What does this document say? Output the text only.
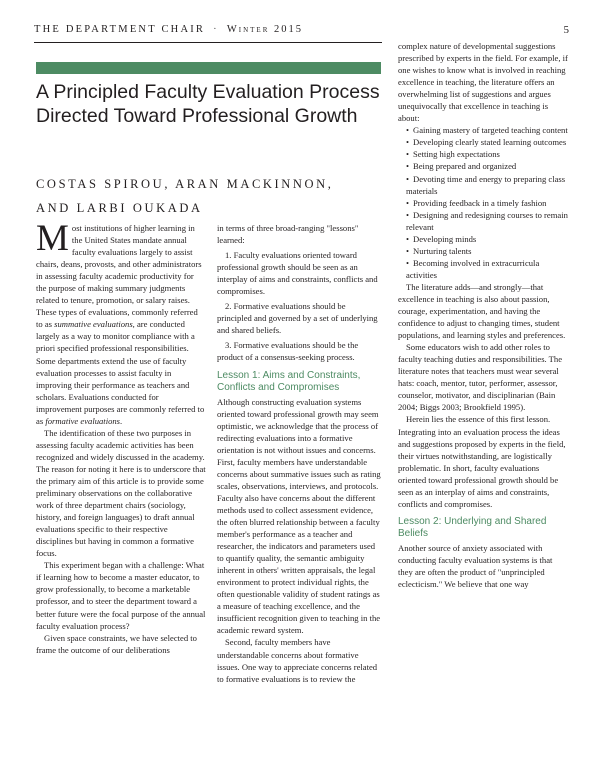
THE DEPARTMENT CHAIR · Winter 2015	5
A Principled Faculty Evaluation Process Directed Toward Professional Growth
COSTAS SPIROU, ARAN MACKINNON,
AND LARBI OUKADA

Most institutions of higher learning in the United States mandate annual faculty evaluations largely to assist chairs, deans, provosts, and other administrators in assessing faculty academic productivity for the purpose of making summary judgments related to tenure, promotion, or salary raises. These types of evaluations, commonly referred to as summative evaluations, are conducted largely as a way to monitor compliance with a priori specified professional responsibilities. Some departments extend the use of faculty evaluation processes to assist faculty in improving their performance as teachers and scholars. Evaluations conducted for improvement purposes are commonly referred to as formative evaluations.

The identification of these two purposes in assessing faculty academic activities has been recognized and widely discussed in the academy. The reason for noting it here is to underscore that the primary aim of this article is to provide some preliminary observations on the collaborative work of three department chairs (sociology, history, and foreign languages) to draft annual evaluations specific to their respective disciplines but having in common a formative focus.

This experiment began with a challenge: What if learning how to become a master educator, to grow professionally, to become a marketable professor, and to steer the department toward a better future were the focal purpose of the annual faculty evaluation process?

Given space constraints, we have selected to frame the outcome of our deliberations

in terms of three broad-ranging "lessons" learned:

1. Faculty evaluations oriented toward professional growth should be seen as an interplay of aims and constraints, conflicts and compromises.

2. Formative evaluations should be principled and governed by a set of underlying and shared beliefs.

3. Formative evaluations should be the product of a consensus-seeking process.

Lesson 1: Aims and Constraints, Conflicts and Compromises

Although constructing evaluation systems oriented toward professional growth may seem optimistic, we acknowledge that the process of redirecting evaluations into a formative orientation is not without issues and concerns. First, faculty members have understandable concerns about summative issues such as rating scales, observations, interviews, and protocols. Faculty also have concerns about the different methods used to collect assessment evidence, the often blurred relationship between a faculty member's performance as a teacher and researcher, the indicators and parameters used to quantify quality, the semantic ambiguity inherent in others' written appraisals, the legal environment to protect individual rights, the often questionable validity of student ratings as a measure of teaching excellence, and the insufficient recognition given to teaching in the academic reward system.

Second, faculty members have understandable concerns about formative issues. One way to appreciate concerns related to formative evaluations is to review the

complex nature of developmental suggestions prescribed by experts in the field. For example, if one wishes to know what is involved in reaching excellence in teaching, the literature offers an overwhelming list of suggestions and argues unequivocally that excellence in teaching is about:

• Gaining mastery of targeted teaching content
• Developing clearly stated learning outcomes
• Setting high expectations
• Being prepared and organized
• Devoting time and energy to preparing class materials
• Providing feedback in a timely fashion
• Designing and redesigning courses to remain relevant
• Developing minds
• Nurturing talents
• Becoming involved in extracurricula activities

The literature adds—and strongly—that excellence in teaching is also about passion, courage, experimentation, and having the confidence to adjust to changing times, student populations, and learning styles and preferences.

Some educators wish to add other roles to faculty teaching duties and responsibilities. The literature notes that teachers must wear several hats: coach, mentor, tutor, performer, assessor, counselor, motivator, and disciplinarian (Bain 2004; Biggs 2003; Brookfield 1995).

Herein lies the essence of this first lesson. Integrating into an evaluation process the ideas and suggestions proposed by experts in the field, their virtues notwithstanding, are logistically problematic. In short, faculty evaluations oriented toward professional growth should be seen as an interplay of aims and constraints, conflicts and compromises.

Lesson 2: Underlying and Shared Beliefs

Another source of anxiety associated with conducting faculty evaluation systems is that they are often the product of "unprincipled eclecticism." We believe that one way
